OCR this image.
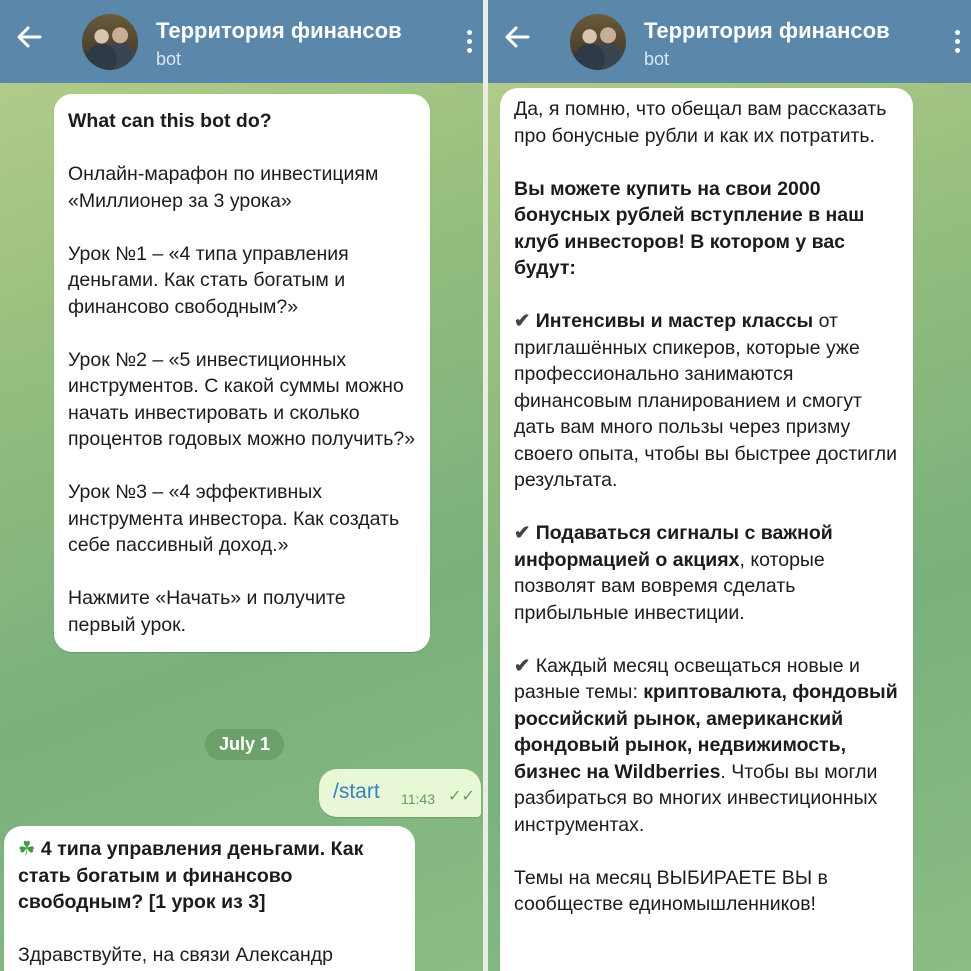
Территория финансов
bot

What can this bot do?

Онлайн-марафон по инвестициям «Миллионер за 3 урока»

Урок №1 – «4 типа управления деньгами. Как стать богатым и финансово свободным?»

Урок №2 – «5 инвестиционных инструментов. С какой суммы можно начать инвестировать и сколько процентов годовых можно получить?»

Урок №3 – «4 эффективных инструмента инвестора. Как создать себе пассивный доход.»

Нажмите «Начать» и получите первый урок.

July 1
/start 11:43 ✓✓

☘ 4 типа управления деньгами. Как стать богатым и финансово свободным? [1 урок из 3]

Здравствуйте, на связи Александр

Территория финансов
bot

Да, я помню, что обещал вам рассказать про бонусные рубли и как их потратить.

Вы можете купить на свои 2000 бонусных рублей вступление в наш клуб инвесторов! В котором у вас будут:

✔ Интенсивы и мастер классы от приглашённых спикеров, которые уже профессионально занимаются финансовым планированием и смогут дать вам много пользы через призму своего опыта, чтобы вы быстрее достигли результата.

✔ Подаваться сигналы с важной информацией о акциях, которые позволят вам вовремя сделать прибыльные инвестиции.

✔ Каждый месяц освещаться новые и разные темы: криптовалюта, фондовый российский рынок, американский фондовый рынок, недвижимость, бизнес на Wildberries. Чтобы вы могли разбираться во многих инвестиционных инструментах.

Темы на месяц ВЫБИРАЕТЕ ВЫ в сообществе единомышленников!
